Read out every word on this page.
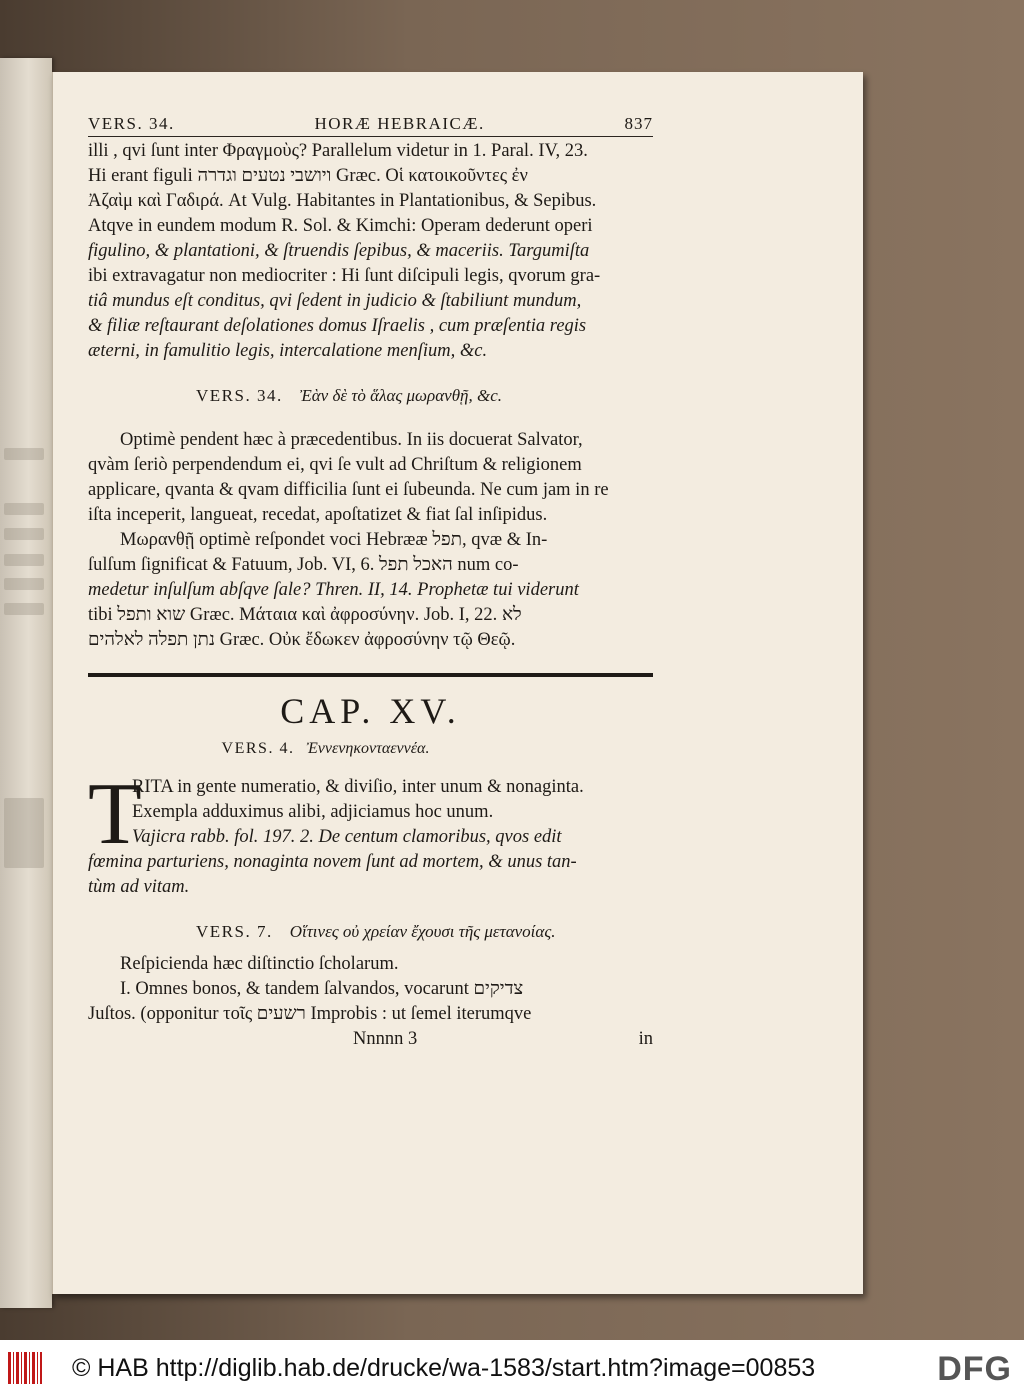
VERS. 34.	HORÆ HEBRAICÆ.	837
illi , qvi ſunt inter Φραγμοὺς? Parallelum videtur in 1. Paral. IV, 23.
Hi erant figuli ויושבי נטעים וגדרה Græc. Οἱ κατοικοῦντες ἐν
Ἀζαὶμ καὶ Γαδιρά. At Vulg. Habitantes in Plantationibus, & Sepibus.
Atqve in eundem modum R. Sol. & Kimchi: Operam dederunt operi
figulino, & plantationi, & ſtruendis ſepibus, & maceriis. Targumiſta
ibi extravagatur non mediocriter : Hi ſunt diſcipuli legis, qvorum gra-
tiâ mundus eſt conditus, qvi ſedent in judicio & ſtabiliunt mundum,
& filiæ reſtaurant deſolationes domus Iſraelis , cum præſentia regis
æterni, in famulitio legis, intercalatione menſium, &c.
VERS. 34. Ἐὰν δὲ τὸ ἅλας μωρανθῇ, &c.
Optimè pendent hæc à præcedentibus. In iis docuerat Salvator,
qvàm ſeriò perpendendum ei, qvi ſe vult ad Chriſtum & religionem
applicare, qvanta & qvam difficilia ſunt ei ſubeunda. Ne cum jam in re
iſta inceperit, langueat, recedat, apoſtatizet & fiat ſal inſipidus.
Μωρανθῇ optimè reſpondet voci Hebrææ תפל, qvæ & In-
ſulſum ſignificat & Fatuum, Job. VI, 6. האכל תפל num co-
medetur inſulſum abſqve ſale? Thren. II, 14. Prophetæ tui viderunt
tibi שוא ותפל Græc. Μάταια καὶ ἀφροσύνην. Job. I, 22. לא
נתן תפלה לאלהים Græc. Οὐκ ἔδωκεν ἀφροσύνην τῷ Θεῷ.
CAP. XV.
VERS. 4. Ἐννενηκονταεννέα.
T
RITA in gente numeratio, & diviſio, inter unum & nonaginta.
Exempla adduximus alibi, adjiciamus hoc unum.
Vajicra rabb. fol. 197. 2. De centum clamoribus, qvos edit
fœmina parturiens, nonaginta novem ſunt ad mortem, & unus tan-
tùm ad vitam.
VERS. 7. Οἵτινες οὐ χρείαν ἔχουσι τῆς μετανοίας.
Reſpicienda hæc diſtinctio ſcholarum.
I. Omnes bonos, & tandem ſalvandos, vocarunt צדיקים
Juſtos. (opponitur τοῖς רשעים Improbis : ut ſemel iterumqve
Nnnnn 3	in
© HAB http://diglib.hab.de/drucke/wa-1583/start.htm?image=00853	DFG
